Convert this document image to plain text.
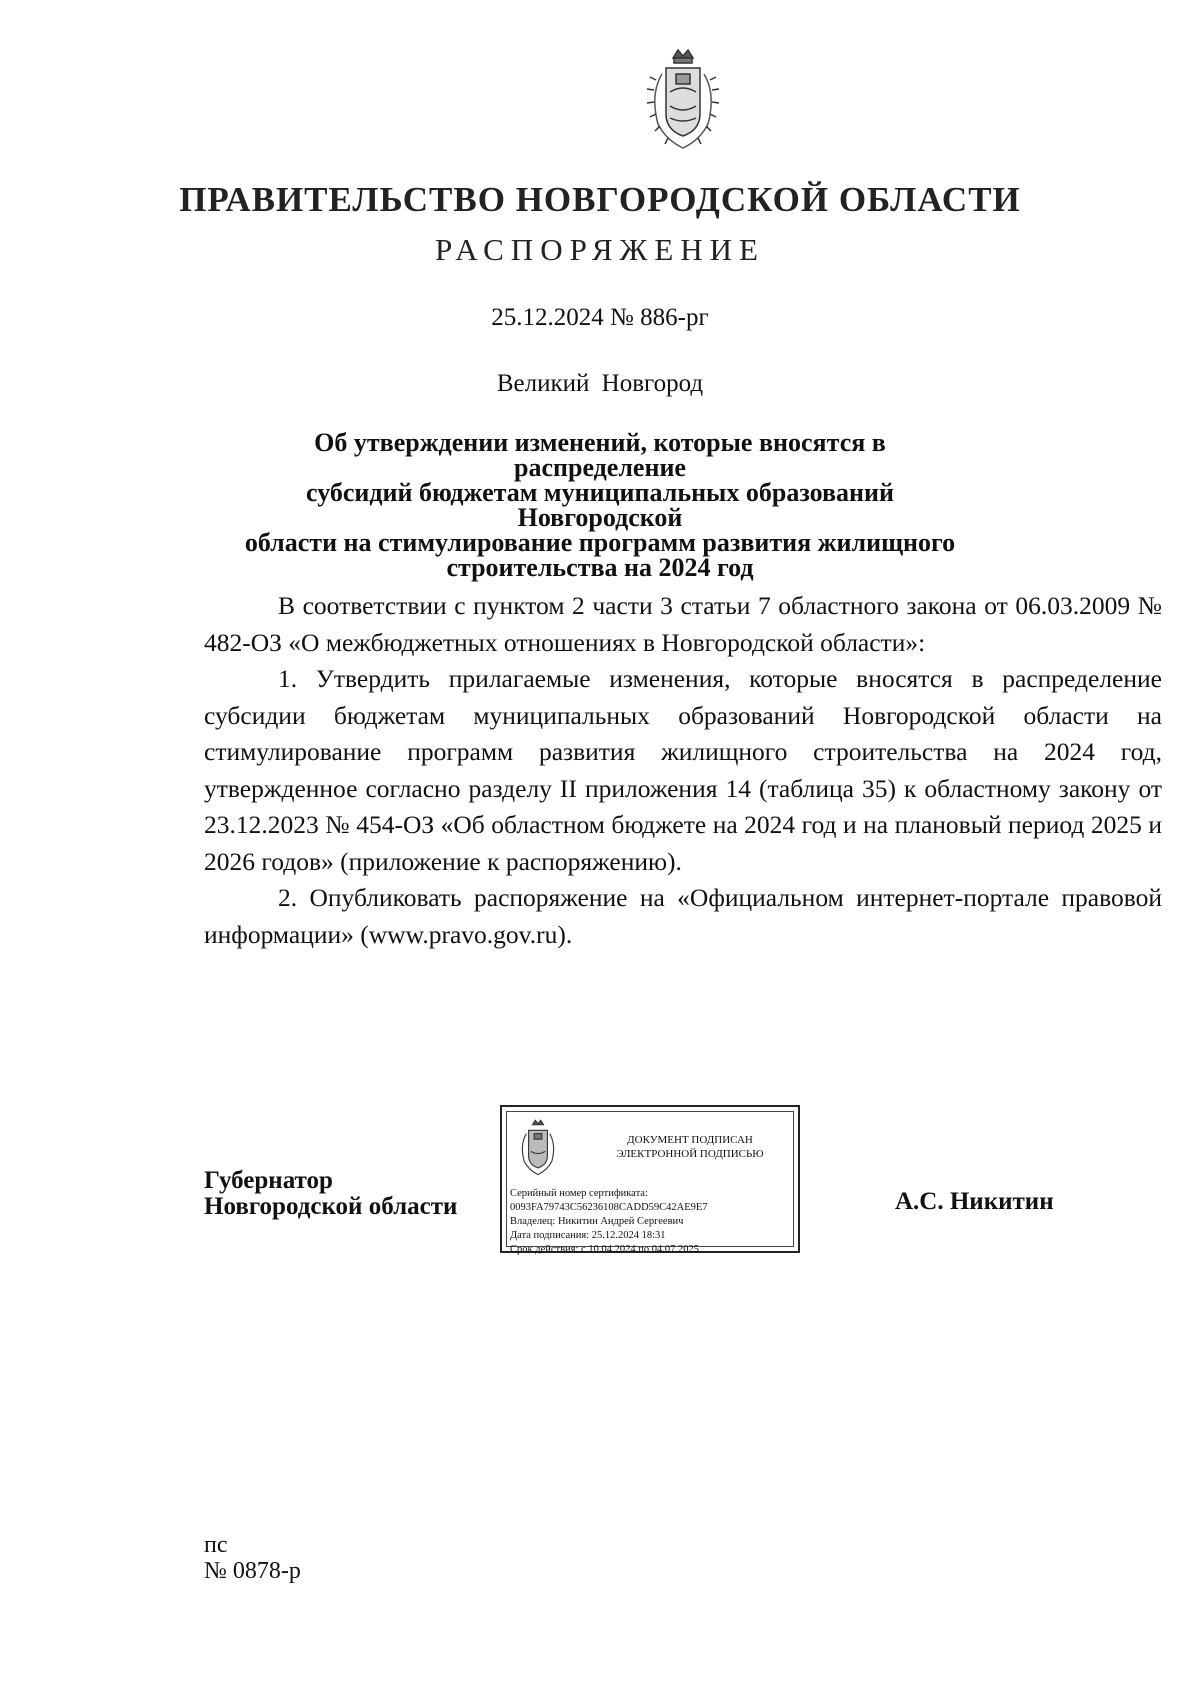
ПРАВИТЕЛЬСТВО НОВГОРОДСКОЙ ОБЛАСТИ
РАСПОРЯЖЕНИЕ
25.12.2024 № 886-рг
Великий Новгород
Об утверждении изменений, которые вносятся в распределение
субсидий бюджетам муниципальных образований Новгородской
области на стимулирование программ развития жилищного
строительства на 2024 год

В соответствии с пунктом 2 части 3 статьи 7 областного закона от 06.03.2009 № 482-ОЗ «О межбюджетных отношениях в Новгородской области»:

1. Утвердить прилагаемые изменения, которые вносятся в распределение субсидии бюджетам муниципальных образований Новгородской области на стимулирование программ развития жилищного строительства на 2024 год, утвержденное согласно разделу II приложения 14 (таблица 35) к областному закону от 23.12.2023 № 454-ОЗ «Об областном бюджете на 2024 год и на плановый период 2025 и 2026 годов» (приложение к распоряжению).

2. Опубликовать распоряжение на «Официальном интернет-портале правовой информации» (www.pravo.gov.ru).

Губернатор
Новгородской области
ДОКУМЕНТ ПОДПИСАН
ЭЛЕКТРОННОЙ ПОДПИСЬЮ
Серийный номер сертификата:
0093FA79743C56236108CADD59C42AE9E7
Владелец: Никитин Андрей Сергеевич
Дата подписания: 25.12.2024 18:31
Срок действия: с 10.04.2024 по 04.07.2025
А.С. Никитин
пс
№ 0878-р
